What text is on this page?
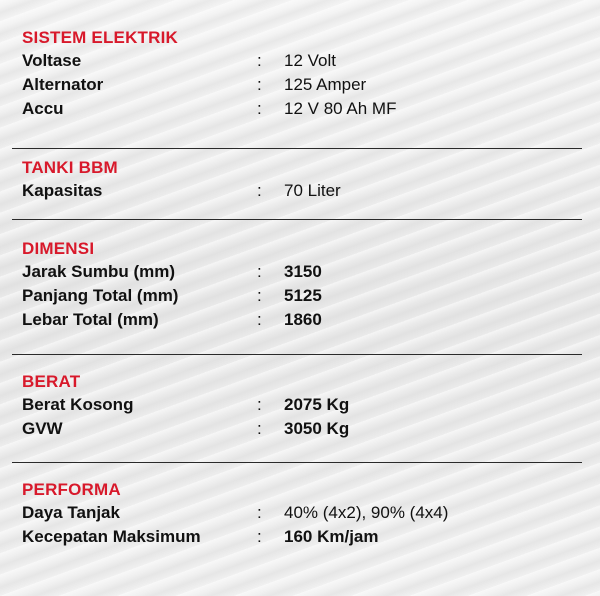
SISTEM ELEKTRIK
Voltase	:	12 Volt
Alternator	:	125 Amper
Accu	:	12 V 80 Ah MF
TANKI BBM
Kapasitas	:	70 Liter
DIMENSI
Jarak Sumbu (mm)	:	3150
Panjang Total (mm)	:	5125
Lebar Total (mm)	:	1860
BERAT
Berat Kosong	:	2075 Kg
GVW	:	3050 Kg
PERFORMA
Daya Tanjak	:	40% (4x2), 90% (4x4)
Kecepatan Maksimum	:	160 Km/jam
